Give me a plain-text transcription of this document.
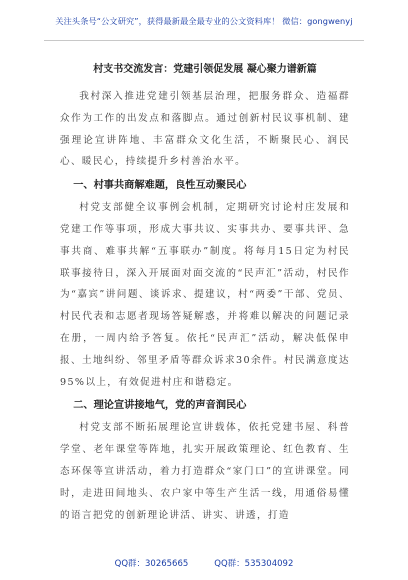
关注头条号“公文研究”，获得最新最全最专业的公文资料库！ 微信：gongwenyj
村支书交流发言：党建引领促发展 凝心聚力谱新篇

我村深入推进党建引领基层治理，把服务群众、造福群众作为工作的出发点和落脚点。通过创新村民议事机制、建强理论宣讲阵地、丰富群众文化生活，不断聚民心、润民心、暖民心，持续提升乡村善治水平。

一、村事共商解难题，良性互动聚民心

村党支部健全议事例会机制，定期研究讨论村庄发展和党建工作等事项，形成大事共议、实事共办、要事共评、急事共商、难事共解“五事联办”制度。将每月15日定为村民联事接待日，深入开展面对面交流的“民声汇”活动，村民作为“嘉宾”讲问题、谈诉求、提建议，村“两委”干部、党员、村民代表和志愿者现场答疑解惑，并将难以解决的问题记录在册，一周内给予答复。依托“民声汇”活动，解决低保申报、土地纠纷、邻里矛盾等群众诉求30余件。村民满意度达95%以上，有效促进村庄和谐稳定。

二、理论宣讲接地气，党的声音润民心

村党支部不断拓展理论宣讲载体，依托党建书屋、科普学堂、老年课堂等阵地，扎实开展政策理论、红色教育、生态环保等宣讲活动，着力打造群众“家门口”的宣讲课堂。同时，走进田间地头、农户家中等生产生活一线，用通俗易懂的语言把党的创新理论讲活、讲实、讲透，打造

QQ群：30265665	QQ群：535304092
